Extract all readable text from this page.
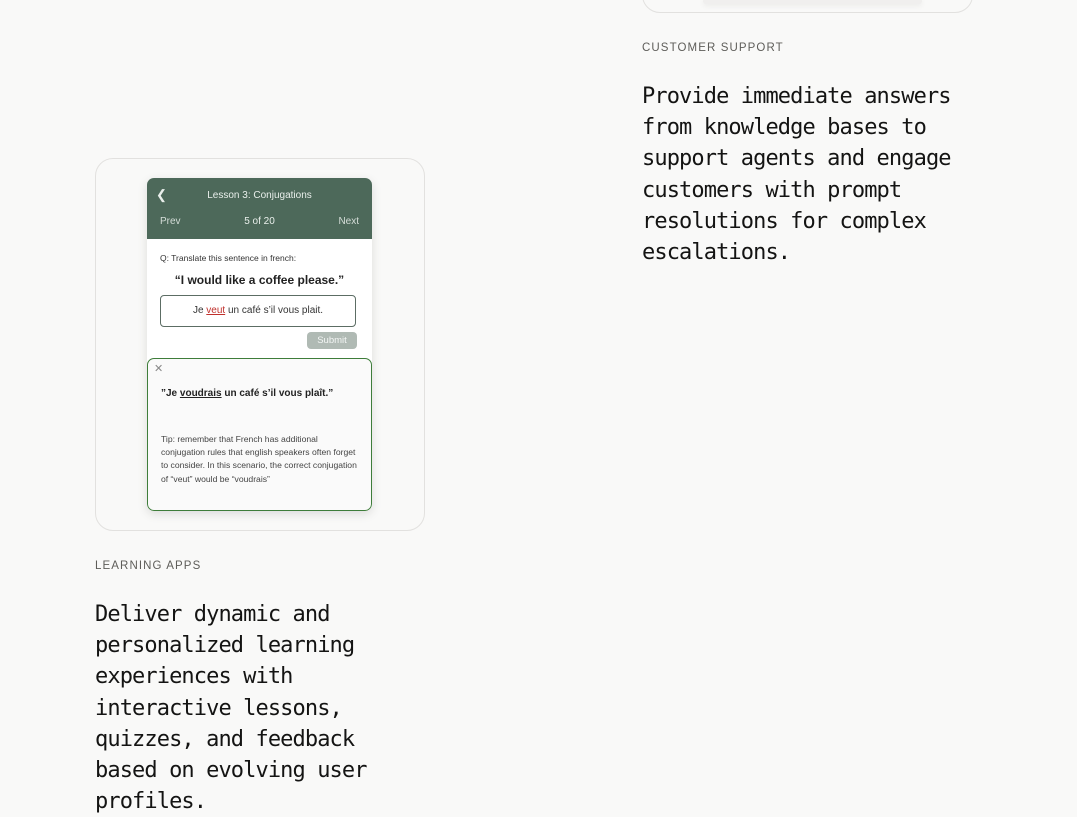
CUSTOMER SUPPORT

Provide immediate answers
from knowledge bases to
support agents and engage
customers with prompt
resolutions for complex
escalations.

❮	Lesson 3: Conjugations
Prev	5 of 20	Next
Q: Translate this sentence in french:
“I would like a coffee please.”
Je veut un café s’il vous plait.
Submit
✕
”Je voudrais un café s’il vous plaît.”
Tip: remember that French has additional conjugation rules that english speakers often forget to consider. In this scenario, the correct conjugation of “veut” would be “voudrais”
LEARNING APPS

Deliver dynamic and
personalized learning
experiences with
interactive lessons,
quizzes, and feedback
based on evolving user
profiles.
